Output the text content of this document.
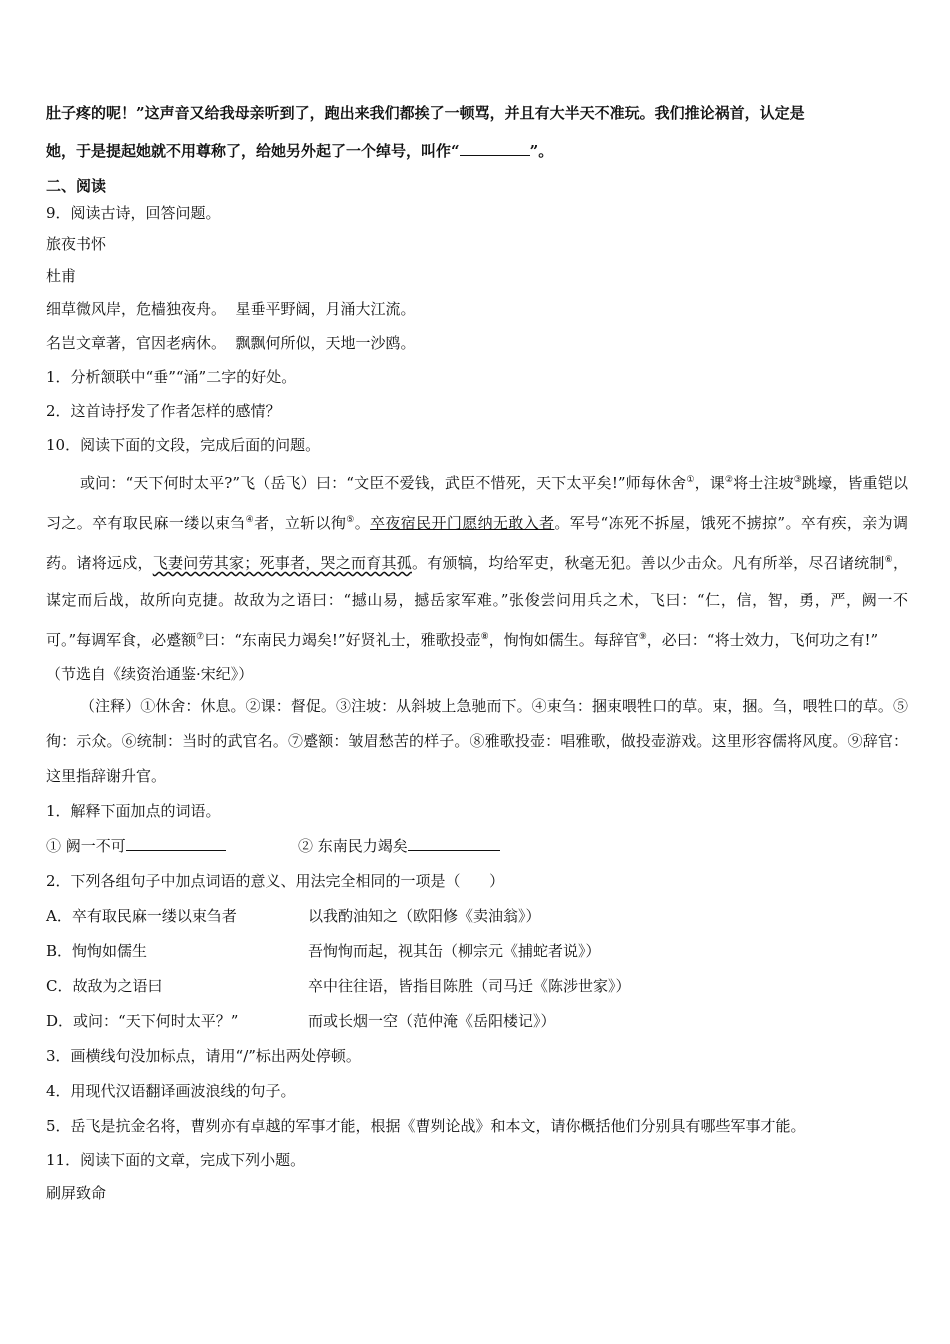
肚子疼的呢！”这声音又给我母亲听到了，跑出来我们都挨了一顿骂，并且有大半天不准玩。我们推论祸首，认定是
她，于是提起她就不用尊称了，给她另外起了一个绰号，叫作“	”。
二、阅读
9．阅读古诗，回答问题。
旅夜书怀
杜甫
细草微风岸，危樯独夜舟。  星垂平野阔，月涌大江流。
名岂文章著，官因老病休。  飘飘何所似，天地一沙鸥。
1．分析颔联中“垂”“涌”二字的好处。
2．这首诗抒发了作者怎样的感情？
10．阅读下面的文段，完成后面的问题。
或问：“天下何时太平?”飞（岳飞）曰：“文臣不爱钱，武臣不惜死，天下太平矣!”师每休舍①，课②将士注坡③跳壕，皆重铠以习之。卒有取民麻一缕以束刍④者，立斩以徇⑤。卒夜宿民开门愿纳无敢入者。军号“冻死不拆屋，饿死不掳掠”。卒有疾，亲为调药。诸将远戍，飞妻问劳其家；死事者，哭之而育其孤。有颁犒，均给军吏，秋毫无犯。善以少击众。凡有所举，尽召诸统制⑥，谋定而后战，故所向克捷。故敌为之语曰：“撼山易，撼岳家军难。”张俊尝问用兵之术，飞曰：“仁，信，智，勇，严，阙一不可。”每调军食，必蹙额⑦曰：“东南民力竭矣!”好贤礼士，雅歌投壶⑧，恂恂如儒生。每辞官⑨，必曰：“将士效力，飞何功之有!”
（节选自《续资治通鉴·宋纪》）
（注释）①休舍：休息。②课：督促。③注坡：从斜坡上急驰而下。④束刍：捆束喂牲口的草。束，捆。刍，喂牲口的草。⑤徇：示众。⑥统制：当时的武官名。⑦蹙额：皱眉愁苦的样子。⑧雅歌投壶：唱雅歌，做投壶游戏。这里形容儒将风度。⑨辞官：这里指辞谢升官。
1．解释下面加点的词语。
① 阙一不可	② 东南民力竭矣
2．下列各组句子中加点词语的意义、用法完全相同的一项是（      ）
A．卒有取民麻一缕以束刍者	以我酌油知之（欧阳修《卖油翁》）
B．恂恂如儒生	吾恂恂而起，视其缶（柳宗元《捕蛇者说》）
C．故敌为之语曰	卒中往往语，皆指目陈胜（司马迁《陈涉世家》）
D．或问：“天下何时太平？”	而或长烟一空（范仲淹《岳阳楼记》）
3．画横线句没加标点，请用“/”标出两处停顿。
4．用现代汉语翻译画波浪线的句子。
5．岳飞是抗金名将，曹刿亦有卓越的军事才能，根据《曹刿论战》和本文，请你概括他们分别具有哪些军事才能。
11．阅读下面的文章，完成下列小题。
刷屏致命
